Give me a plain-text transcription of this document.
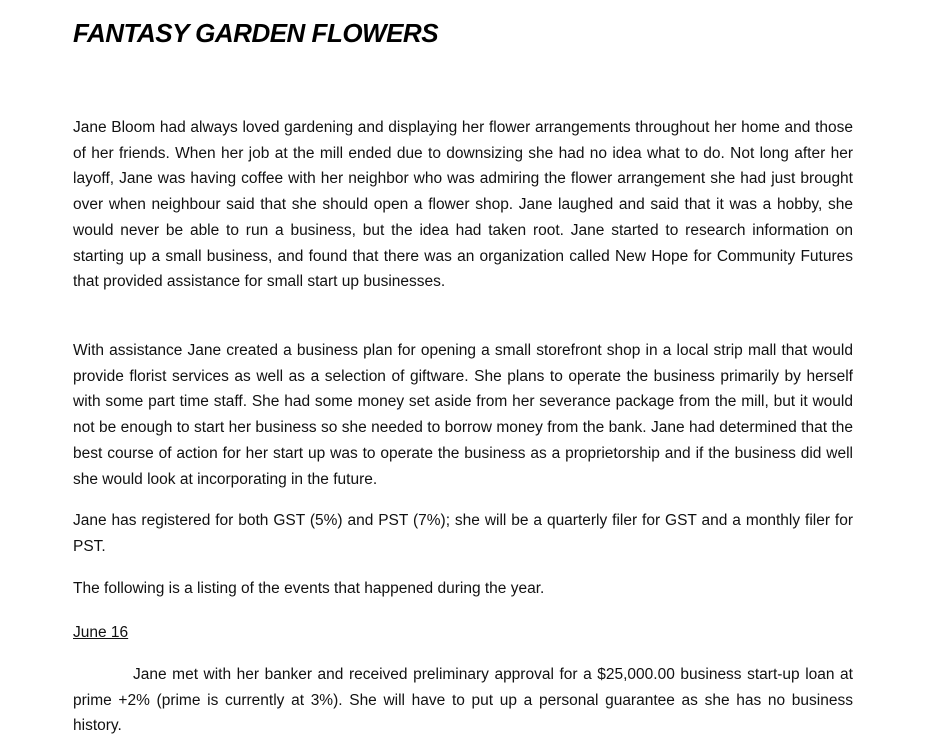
FANTASY GARDEN FLOWERS

Jane Bloom had always loved gardening and displaying her flower arrangements throughout her home and those of her friends. When her job at the mill ended due to downsizing she had no idea what to do. Not long after her layoff, Jane was having coffee with her neighbor who was admiring the flower arrangement she had just brought over when neighbour said that she should open a flower shop. Jane laughed and said that it was a hobby, she would never be able to run a business, but the idea had taken root. Jane started to research information on starting up a small business, and found that there was an organization called New Hope for Community Futures that provided assistance for small start up businesses.

With assistance Jane created a business plan for opening a small storefront shop in a local strip mall that would provide florist services as well as a selection of giftware. She plans to operate the business primarily by herself with some part time staff. She had some money set aside from her severance package from the mill, but it would not be enough to start her business so she needed to borrow money from the bank. Jane had determined that the best course of action for her start up was to operate the business as a proprietorship and if the business did well she would look at incorporating in the future.

Jane has registered for both GST (5%) and PST (7%); she will be a quarterly filer for GST and a monthly filer for PST.

The following is a listing of the events that happened during the year.

June 16

Jane met with her banker and received preliminary approval for a $25,000.00 business start-up loan at prime +2% (prime is currently at 3%). She will have to put up a personal guarantee as she has no business history.
